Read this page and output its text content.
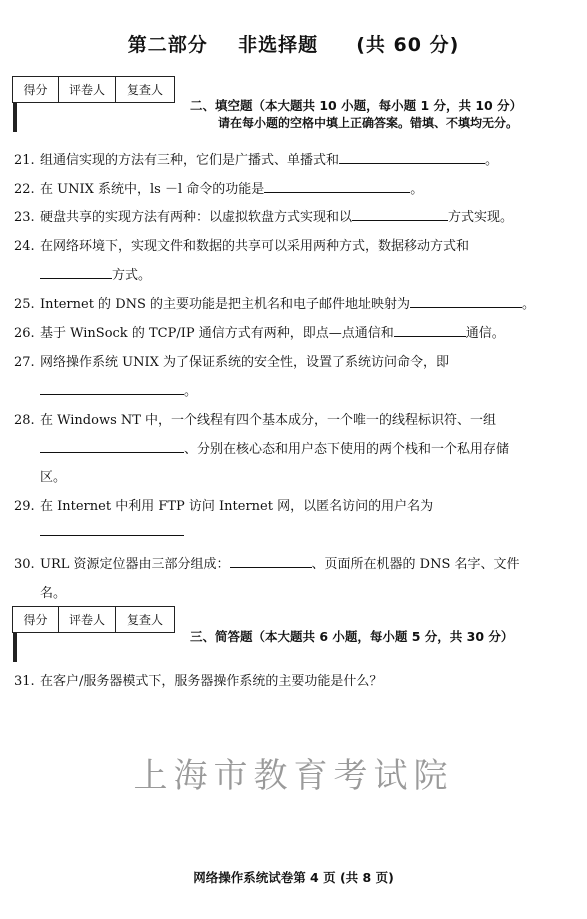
第二部分    非选择题     (共 60 分)
得分	评卷人	复查人

二、填空题（本大题共 10 小题，每小题 1 分，共 10 分）
请在每小题的空格中填上正确答案。错填、不填均无分。
21. 组通信实现的方法有三种，它们是广播式、单播式和	。
22. 在 UNIX 系统中，ls －l 命令的功能是	。
23. 硬盘共享的实现方法有两种：以虚拟软盘方式实现和以	方式实现。
24. 在网络环境下，实现文件和数据的共享可以采用两种方式，数据移动方式和
方式。
25. Internet 的 DNS 的主要功能是把主机名和电子邮件地址映射为	。
26. 基于 WinSock 的 TCP/IP 通信方式有两种，即点—点通信和	通信。
27. 网络操作系统 UNIX 为了保证系统的安全性，设置了系统访问命令，即
。
28. 在 Windows NT 中，一个线程有四个基本成分，一个唯一的线程标识符、一组
、分别在核心态和用户态下使用的两个栈和一个私用存储
区。
29. 在 Internet 中利用 FTP 访问 Internet 网，以匿名访问的用户名为
30. URL 资源定位器由三部分组成：	、页面所在机器的 DNS 名字、文件
名。
得分	评卷人	复查人

三、简答题（本大题共 6 小题，每小题 5 分，共 30 分）
31. 在客户/服务器模式下，服务器操作系统的主要功能是什么？
上海市教育考试院
网络操作系统试卷第 4 页 (共 8 页)
